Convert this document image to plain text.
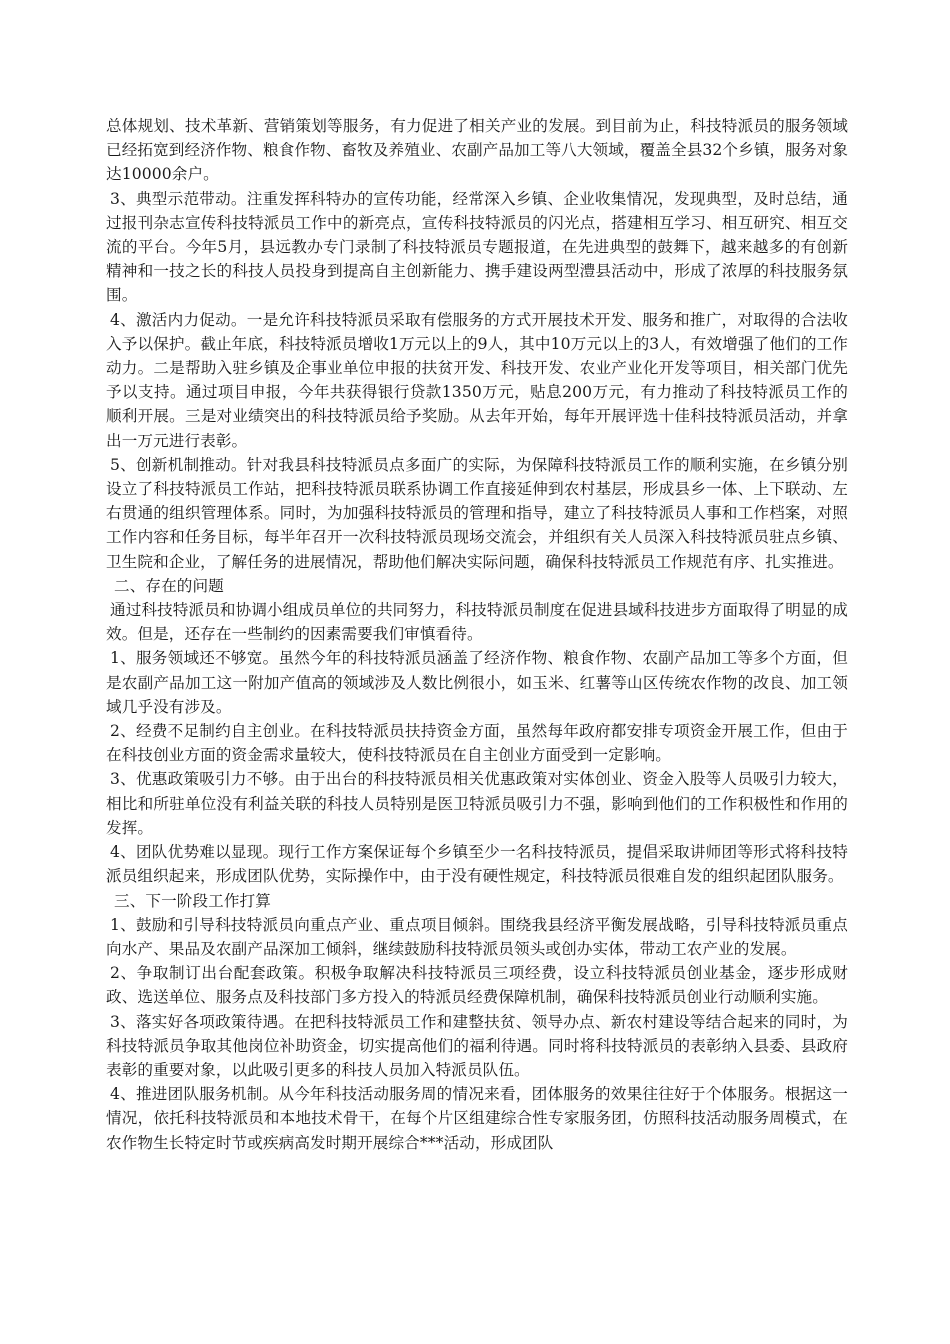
总体规划、技术革新、营销策划等服务，有力促进了相关产业的发展。到目前为止，科技特派员的服务领域已经拓宽到经济作物、粮食作物、畜牧及养殖业、农副产品加工等八大领域，覆盖全县32个乡镇，服务对象达10000余户。

3、典型示范带动。注重发挥科特办的宣传功能，经常深入乡镇、企业收集情况，发现典型，及时总结，通过报刊杂志宣传科技特派员工作中的新亮点，宣传科技特派员的闪光点，搭建相互学习、相互研究、相互交流的平台。今年5月，县远教办专门录制了科技特派员专题报道，在先进典型的鼓舞下，越来越多的有创新精神和一技之长的科技人员投身到提高自主创新能力、携手建设两型澧县活动中，形成了浓厚的科技服务氛围。

4、激活内力促动。一是允许科技特派员采取有偿服务的方式开展技术开发、服务和推广，对取得的合法收入予以保护。截止年底，科技特派员增收1万元以上的9人，其中10万元以上的3人，有效增强了他们的工作动力。二是帮助入驻乡镇及企事业单位申报的扶贫开发、科技开发、农业产业化开发等项目，相关部门优先予以支持。通过项目申报，今年共获得银行贷款1350万元，贴息200万元，有力推动了科技特派员工作的顺利开展。三是对业绩突出的科技特派员给予奖励。从去年开始，每年开展评选十佳科技特派员活动，并拿出一万元进行表彰。

5、创新机制推动。针对我县科技特派员点多面广的实际，为保障科技特派员工作的顺利实施，在乡镇分别设立了科技特派员工作站，把科技特派员联系协调工作直接延伸到农村基层，形成县乡一体、上下联动、左右贯通的组织管理体系。同时，为加强科技特派员的管理和指导，建立了科技特派员人事和工作档案，对照工作内容和任务目标，每半年召开一次科技特派员现场交流会，并组织有关人员深入科技特派员驻点乡镇、卫生院和企业，了解任务的进展情况，帮助他们解决实际问题，确保科技特派员工作规范有序、扎实推进。

二、存在的问题

通过科技特派员和协调小组成员单位的共同努力，科技特派员制度在促进县域科技进步方面取得了明显的成效。但是，还存在一些制约的因素需要我们审慎看待。

1、服务领域还不够宽。虽然今年的科技特派员涵盖了经济作物、粮食作物、农副产品加工等多个方面，但是农副产品加工这一附加产值高的领域涉及人数比例很小，如玉米、红薯等山区传统农作物的改良、加工领域几乎没有涉及。

2、经费不足制约自主创业。在科技特派员扶持资金方面，虽然每年政府都安排专项资金开展工作，但由于在科技创业方面的资金需求量较大，使科技特派员在自主创业方面受到一定影响。

3、优惠政策吸引力不够。由于出台的科技特派员相关优惠政策对实体创业、资金入股等人员吸引力较大，相比和所驻单位没有利益关联的科技人员特别是医卫特派员吸引力不强，影响到他们的工作积极性和作用的发挥。

4、团队优势难以显现。现行工作方案保证每个乡镇至少一名科技特派员，提倡采取讲师团等形式将科技特派员组织起来，形成团队优势，实际操作中，由于没有硬性规定，科技特派员很难自发的组织起团队服务。

三、下一阶段工作打算

1、鼓励和引导科技特派员向重点产业、重点项目倾斜。围绕我县经济平衡发展战略，引导科技特派员重点向水产、果品及农副产品深加工倾斜，继续鼓励科技特派员领头或创办实体，带动工农产业的发展。

2、争取制订出台配套政策。积极争取解决科技特派员三项经费，设立科技特派员创业基金，逐步形成财政、选送单位、服务点及科技部门多方投入的特派员经费保障机制，确保科技特派员创业行动顺利实施。

3、落实好各项政策待遇。在把科技特派员工作和建整扶贫、领导办点、新农村建设等结合起来的同时，为科技特派员争取其他岗位补助资金，切实提高他们的福利待遇。同时将科技特派员的表彰纳入县委、县政府表彰的重要对象，以此吸引更多的科技人员加入特派员队伍。

4、推进团队服务机制。从今年科技活动服务周的情况来看，团体服务的效果往往好于个体服务。根据这一情况，依托科技特派员和本地技术骨干，在每个片区组建综合性专家服务团，仿照科技活动服务周模式，在农作物生长特定时节或疾病高发时期开展综合***活动，形成团队
